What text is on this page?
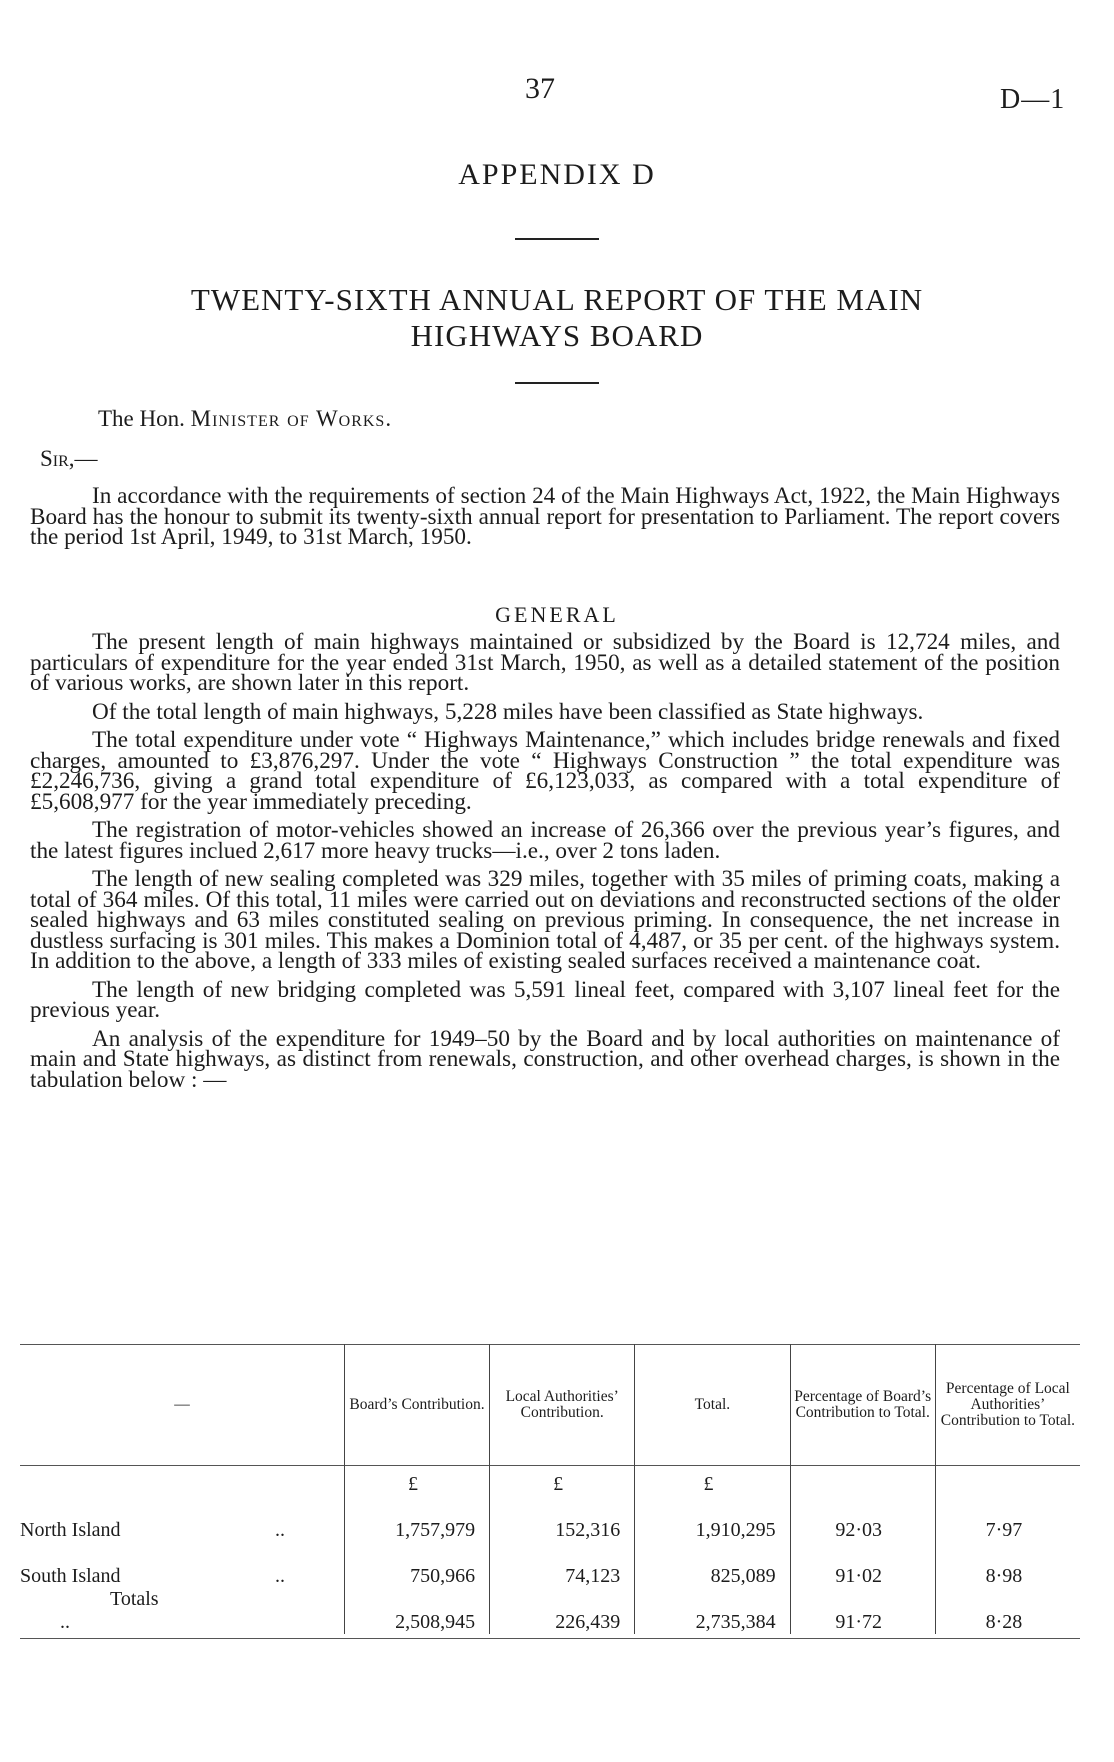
37	D—1
APPENDIX D
TWENTY-SIXTH ANNUAL REPORT OF THE MAIN
HIGHWAYS BOARD
The Hon. Minister of Works.
Sir,—

In accordance with the requirements of section 24 of the Main Highways Act, 1922, the Main Highways Board has the honour to submit its twenty-sixth annual report for presentation to Parliament. The report covers the period 1st April, 1949, to 31st March, 1950.

GENERAL

The present length of main highways maintained or subsidized by the Board is 12,724 miles, and particulars of expenditure for the year ended 31st March, 1950, as well as a detailed statement of the position of various works, are shown later in this report.

Of the total length of main highways, 5,228 miles have been classified as State highways.

The total expenditure under vote “ Highways Maintenance,” which includes bridge renewals and fixed charges, amounted to £3,876,297. Under the vote “ Highways Construction ” the total expenditure was £2,246,736, giving a grand total expenditure of £6,123,033, as compared with a total expenditure of £5,608,977 for the year immediately preceding.

The registration of motor-vehicles showed an increase of 26,366 over the previous year’s figures, and the latest figures inclued 2,617 more heavy trucks—i.e., over 2 tons laden.

The length of new sealing completed was 329 miles, together with 35 miles of priming coats, making a total of 364 miles. Of this total, 11 miles were carried out on deviations and reconstructed sections of the older sealed highways and 63 miles constituted sealing on previous priming. In consequence, the net increase in dustless surfacing is 301 miles. This makes a Dominion total of 4,487, or 35 per cent. of the highways system. In addition to the above, a length of 333 miles of existing sealed surfaces received a maintenance coat.

The length of new bridging completed was 5,591 lineal feet, compared with 3,107 lineal feet for the previous year.

An analysis of the expenditure for 1949–50 by the Board and by local authorities on maintenance of main and State highways, as distinct from renewals, construction, and other overhead charges, is shown in the tabulation below : —

—	Board’s Contribution.	Local Authorities’ Contribution.	Total.	Percentage of Board’s Contribution to Total.	Percentage of Local Authorities’ Contribution to Total.
	£	£	£		
North Island ..	1,757,979	152,316	1,910,295	92·03	7·97
South Island ..	750,966	74,123	825,089	91·02	8·98
Totals..	2,508,945	226,439	2,735,384	91·72	8·28
